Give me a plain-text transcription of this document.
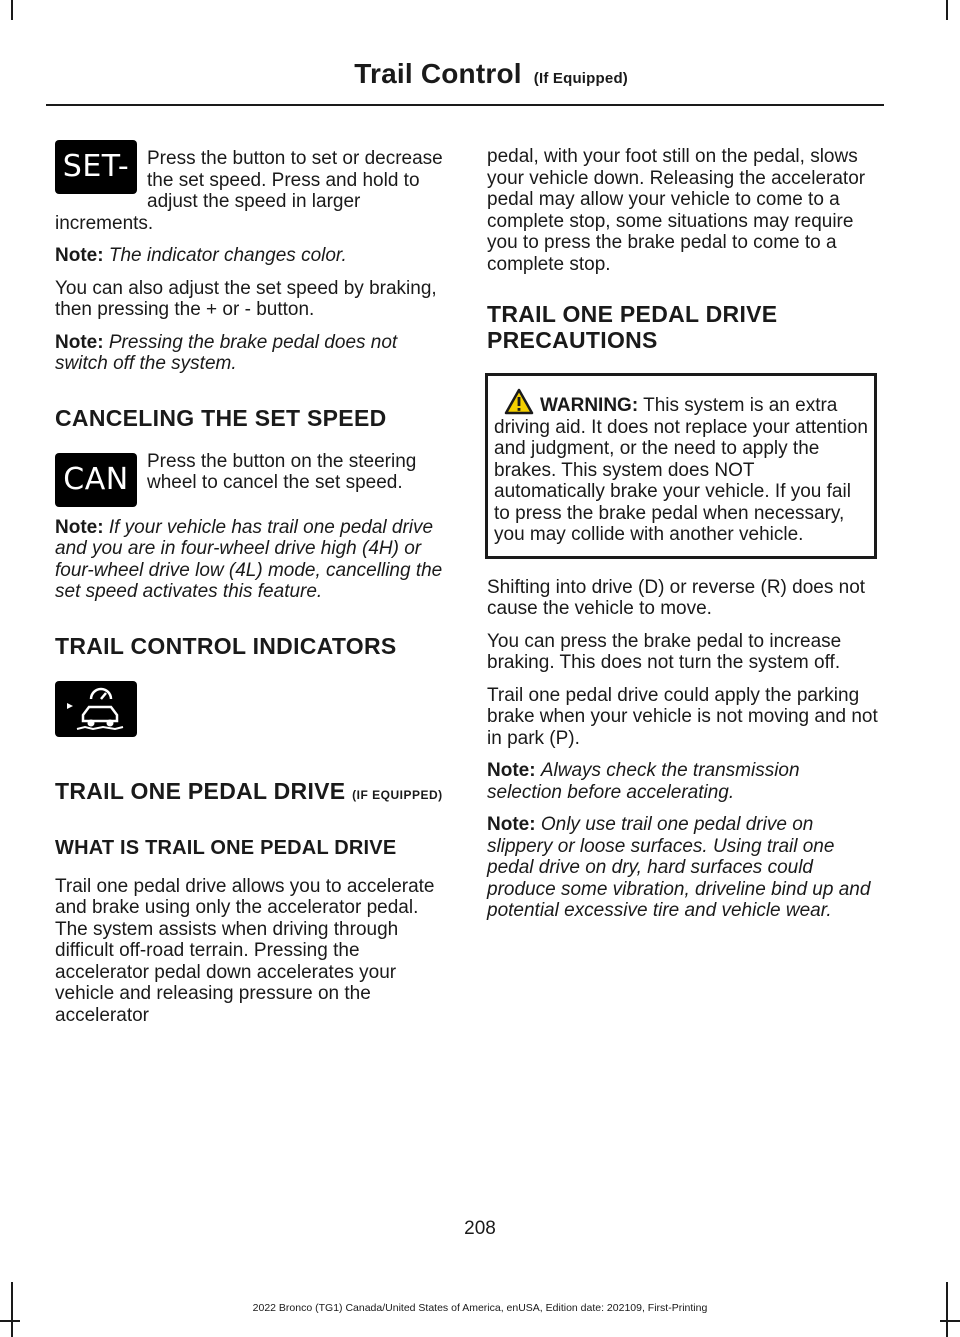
Trail Control (If Equipped)
SET- Press the button to set or decrease the set speed. Press and hold to adjust the speed in larger increments.

Note: The indicator changes color.

You can also adjust the set speed by braking, then pressing the + or - button.

Note: Pressing the brake pedal does not switch off the system.

CANCELING THE SET SPEED
CAN

Press the button on the steering wheel to cancel the set speed.

Note: If your vehicle has trail one pedal drive and you are in four-wheel drive high (4H) or four-wheel drive low (4L) mode, cancelling the set speed activates this feature.

TRAIL CONTROL INDICATORS
TRAIL ONE PEDAL DRIVE (IF EQUIPPED)
WHAT IS TRAIL ONE PEDAL DRIVE

Trail one pedal drive allows you to accelerate and brake using only the accelerator pedal. The system assists when driving through difficult off-road terrain. Pressing the accelerator pedal down accelerates your vehicle and releasing pressure on the accelerator

pedal, with your foot still on the pedal, slows your vehicle down. Releasing the accelerator pedal may allow your vehicle to come to a complete stop, some situations may require you to press the brake pedal to come to a complete stop.

TRAIL ONE PEDAL DRIVE PRECAUTIONS
WARNING: This system is an extra driving aid. It does not replace your attention and judgment, or the need to apply the brakes. This system does NOT automatically brake your vehicle. If you fail to press the brake pedal when necessary, you may collide with another vehicle.

Shifting into drive (D) or reverse (R) does not cause the vehicle to move.

You can press the brake pedal to increase braking. This does not turn the system off.

Trail one pedal drive could apply the parking brake when your vehicle is not moving and not in park (P).

Note: Always check the transmission selection before accelerating.

Note: Only use trail one pedal drive on slippery or loose surfaces. Using trail one pedal drive on dry, hard surfaces could produce some vibration, driveline bind up and potential excessive tire and vehicle wear.

208
2022 Bronco (TG1) Canada/United States of America, enUSA, Edition date: 202109, First-Printing
